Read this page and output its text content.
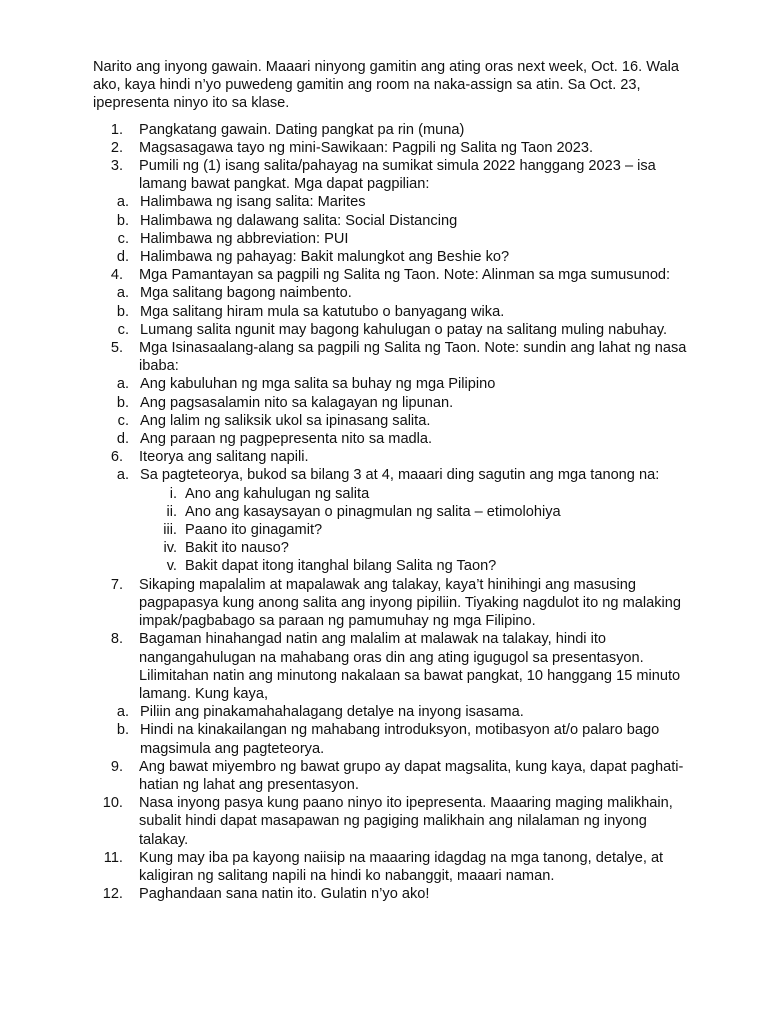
Narito ang inyong gawain. Maaari ninyong gamitin ang ating oras next week, Oct. 16. Wala ako, kaya hindi n’yo puwedeng gamitin ang room na naka-assign sa atin. Sa Oct. 23, ipepresenta ninyo ito sa klase.

1. Pangkatang gawain. Dating pangkat pa rin (muna)
2. Magsasagawa tayo ng mini-Sawikaan: Pagpili ng Salita ng Taon 2023.
3. Pumili ng (1) isang salita/pahayag na sumikat simula 2022 hanggang 2023 – isa lamang bawat pangkat. Mga dapat pagpilian:
a. Halimbawa ng isang salita: Marites
b. Halimbawa ng dalawang salita: Social Distancing
c. Halimbawa ng abbreviation: PUI
d. Halimbawa ng pahayag: Bakit malungkot ang Beshie ko?
4. Mga Pamantayan sa pagpili ng Salita ng Taon. Note: Alinman sa mga sumusunod:
a. Mga salitang bagong naimbento.
b. Mga salitang hiram mula sa katutubo o banyagang wika.
c. Lumang salita ngunit may bagong kahulugan o patay na salitang muling nabuhay.
5. Mga Isinasaalang-alang sa pagpili ng Salita ng Taon. Note: sundin ang lahat ng nasa ibaba:
a. Ang kabuluhan ng mga salita sa buhay ng mga Pilipino
b. Ang pagsasalamin nito sa kalagayan ng lipunan.
c. Ang lalim ng saliksik ukol sa ipinasang salita.
d. Ang paraan ng pagpepresenta nito sa madla.
6. Iteorya ang salitang napili.
a. Sa pagteteorya, bukod sa bilang 3 at 4, maaari ding sagutin ang mga tanong na:
i. Ano ang kahulugan ng salita
ii. Ano ang kasaysayan o pinagmulan ng salita – etimolohiya
iii. Paano ito ginagamit?
iv. Bakit ito nauso?
v. Bakit dapat itong itanghal bilang Salita ng Taon?
7. Sikaping mapalalim at mapalawak ang talakay, kaya’t hinihingi ang masusing pagpapasya kung anong salita ang inyong pipiliin. Tiyaking nagdulot ito ng malaking impak/pagbabago sa paraan ng pamumuhay ng mga Filipino.
8. Bagaman hinahangad natin ang malalim at malawak na talakay, hindi ito nangangahulugan na mahabang oras din ang ating igugugol sa presentasyon. Lilimitahan natin ang minutong nakalaan sa bawat pangkat, 10 hanggang 15 minuto lamang. Kung kaya,
a. Piliin ang pinakamahahalagang detalye na inyong isasama.
b. Hindi na kinakailangan ng mahabang introduksyon, motibasyon at/o palaro bago magsimula ang pagteteorya.
9. Ang bawat miyembro ng bawat grupo ay dapat magsalita, kung kaya, dapat paghati-hatian ng lahat ang presentasyon.
10. Nasa inyong pasya kung paano ninyo ito ipepresenta. Maaaring maging malikhain, subalit hindi dapat masapawan ng pagiging malikhain ang nilalaman ng inyong talakay.
11. Kung may iba pa kayong naiisip na maaaring idagdag na mga tanong, detalye, at kaligiran ng salitang napili na hindi ko nabanggit, maaari naman.
12. Paghandaan sana natin ito. Gulatin n’yo ako!
